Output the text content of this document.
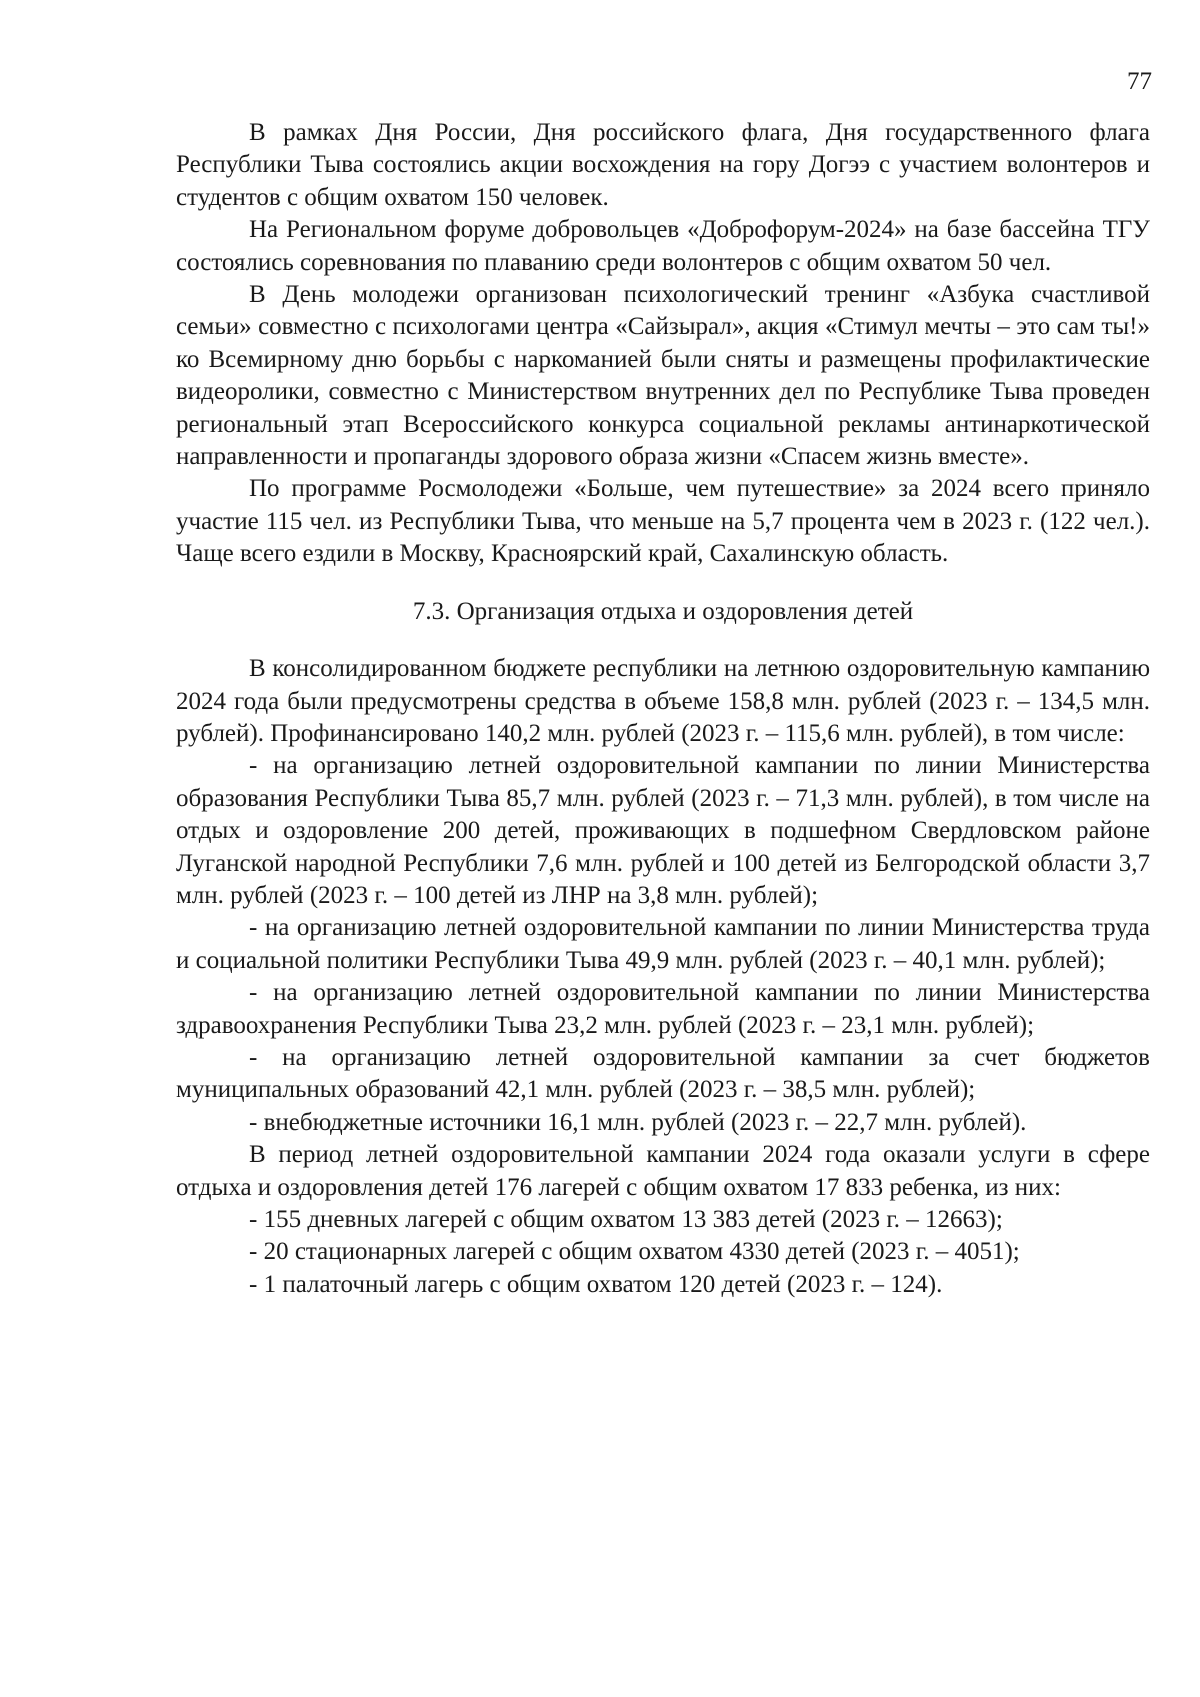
77

В рамках Дня России, Дня российского флага, Дня государственного флага Республики Тыва состоялись акции восхождения на гору Догээ с участием волонтеров и студентов с общим охватом 150 человек.

На Региональном форуме добровольцев «Доброфорум-2024» на базе бассейна ТГУ состоялись соревнования по плаванию среди волонтеров с общим охватом 50 чел.

В День молодежи организован психологический тренинг «Азбука счастливой семьи» совместно с психологами центра «Сайзырал», акция «Стимул мечты – это сам ты!» ко Всемирному дню борьбы с наркоманией были сняты и размещены профилактические видеоролики, совместно с Министерством внутренних дел по Республике Тыва проведен региональный этап Всероссийского конкурса социальной рекламы антинаркотической направленности и пропаганды здорового образа жизни «Спасем жизнь вместе».

По программе Росмолодежи «Больше, чем путешествие» за 2024 всего приняло участие 115 чел. из Республики Тыва, что меньше на 5,7 процента чем в 2023 г. (122 чел.). Чаще всего ездили в Москву, Красноярский край, Сахалинскую область.

7.3. Организация отдыха и оздоровления детей

В консолидированном бюджете республики на летнюю оздоровительную кампанию 2024 года были предусмотрены средства в объеме 158,8 млн. рублей (2023 г. – 134,5 млн. рублей). Профинансировано 140,2 млн. рублей (2023 г. – 115,6 млн. рублей), в том числе:

- на организацию летней оздоровительной кампании по линии Министерства образования Республики Тыва 85,7 млн. рублей (2023 г. – 71,3 млн. рублей), в том числе на отдых и оздоровление 200 детей, проживающих в подшефном Свердловском районе Луганской народной Республики 7,6 млн. рублей и 100 детей из Белгородской области 3,7 млн. рублей (2023 г. – 100 детей из ЛНР на 3,8 млн. рублей);

- на организацию летней оздоровительной кампании по линии Министерства труда и социальной политики Республики Тыва 49,9 млн. рублей (2023 г. – 40,1 млн. рублей);

- на организацию летней оздоровительной кампании по линии Министерства здравоохранения Республики Тыва 23,2 млн. рублей (2023 г. – 23,1 млн. рублей);

- на организацию летней оздоровительной кампании за счет бюджетов муниципальных образований 42,1 млн. рублей (2023 г. – 38,5 млн. рублей);

- внебюджетные источники 16,1 млн. рублей (2023 г. – 22,7 млн. рублей).

В период летней оздоровительной кампании 2024 года оказали услуги в сфере отдыха и оздоровления детей 176 лагерей с общим охватом 17 833 ребенка, из них:

- 155 дневных лагерей с общим охватом 13 383 детей (2023 г. – 12663);

- 20 стационарных лагерей с общим охватом 4330 детей (2023 г. – 4051);

- 1 палаточный лагерь с общим охватом 120 детей (2023 г. – 124).
